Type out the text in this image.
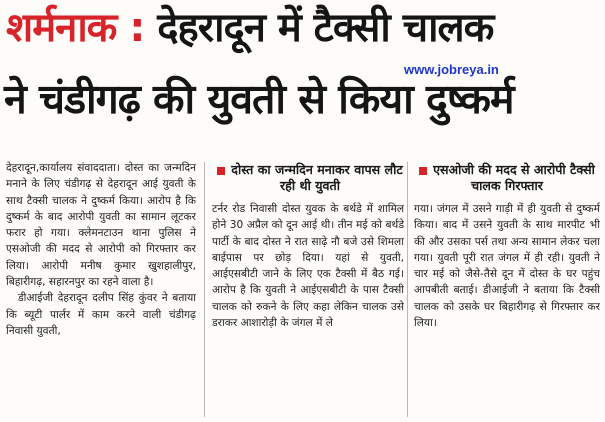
शर्मनाक : देहरादून में टैक्सी चालक
ने चंडीगढ़ की युवती से किया दुष्कर्म
www.jobreya.in

देहरादून,कार्यालय संवाददाता। दोस्त का जन्मदिन मनाने के लिए चंडीगढ़ से देहरादून आई युवती के साथ टैक्सी चालक ने दुष्कर्म किया। आरोप है कि दुष्कर्म के बाद आरोपी युवती का सामान लूटकर फरार हो गया। क्लेमनटाउन थाना पुलिस ने एसओजी की मदद से आरोपी को गिरफ्तार कर लिया। आरोपी मनीष कुमार खुशहालीपुर, बिहारीगढ़, सहारनपुर का रहने वाला है।

डीआईजी देहरादून दलीप सिंह कुंवर ने बताया कि ब्यूटी पार्लर में काम करने वाली चंडीगढ़ निवासी युवती,

दोस्त का जन्मदिन मनाकर वापस लौट रही थी युवती

टर्नर रोड निवासी दोस्त युवक के बर्थडे में शामिल होने 30 अप्रैल को दून आई थी। तीन मई को बर्थडे पार्टी के बाद दोस्त ने रात साढ़े नौ बजे उसे शिमला बाईपास पर छोड़ दिया। यहां से युवती, आईएसबीटी जाने के लिए एक टैक्सी में बैठ गई। आरोप है कि युवती ने आईएसबीटी के पास टैक्सी चालक को रुकने के लिए कहा लेकिन चालक उसे डराकर आशारोड़ी के जंगल में ले

एसओजी की मदद से आरोपी टैक्सी चालक गिरफ्तार

गया। जंगल में उसने गाड़ी में ही युवती से दुष्कर्म किया। बाद में उसने युवती के साथ मारपीट भी की और उसका पर्स तथा अन्य सामान लेकर चला गया। युवती पूरी रात जंगल में ही रही। युवती ने चार मई को जैसे-तैसे दून में दोस्त के घर पहुंच आपबीती बताई। डीआईजी ने बताया कि टैक्सी चालक को उसके घर बिहारीगढ़ से गिरफ्तार कर लिया।
